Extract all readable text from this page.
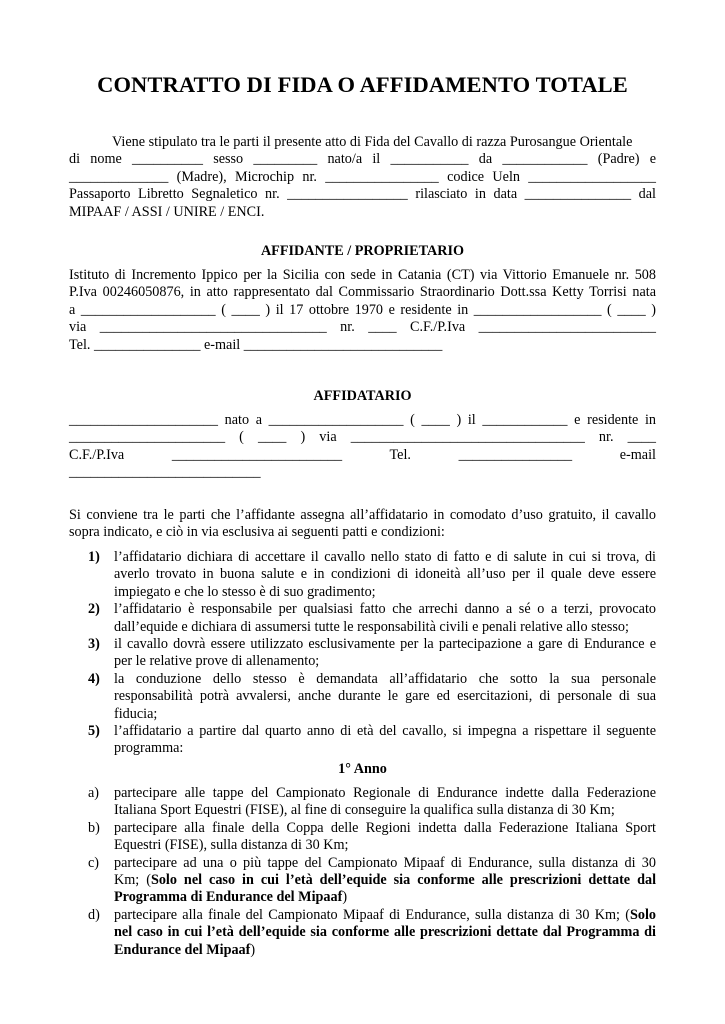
CONTRATTO DI FIDA O AFFIDAMENTO TOTALE
Viene stipulato tra le parti il presente atto di Fida del Cavallo di razza Purosangue Orientale
di nome __________ sesso _________ nato/a il ___________ da ____________ (Padre) e
______________ (Madre), Microchip nr. ________________ codice Ueln __________________
Passaporto Libretto Segnaletico nr. _________________ rilasciato in data _______________ dal
MIPAAF / ASSI / UNIRE / ENCI.
AFFIDANTE / PROPRIETARIO
Istituto di Incremento Ippico per la Sicilia con sede in Catania (CT) via Vittorio Emanuele nr. 508
P.Iva 00246050876, in atto rappresentato dal Commissario Straordinario Dott.ssa Ketty Torrisi nata
a ___________________ ( ____ ) il 17 ottobre 1970 e residente in __________________ ( ____ )
via ________________________________ nr. ____ C.F./P.Iva _________________________
Tel. _______________ e-mail ____________________________
AFFIDATARIO
_____________________ nato a ___________________ ( ____ ) il ____________ e residente in
______________________ ( ____ ) via _________________________________ nr. ____
C.F./P.Iva ________________________ Tel. ________________ e-mail
___________________________
Si conviene tra le parti che l’affidante assegna all’affidatario in comodato d’uso gratuito, il cavallo
sopra indicato, e ciò in via esclusiva ai seguenti patti e condizioni:
1) l’affidatario dichiara di accettare il cavallo nello stato di fatto e di salute in cui si trova, di
averlo trovato in buona salute e in condizioni di idoneità all’uso per il quale deve essere
impiegato e che lo stesso è di suo gradimento;
2) l’affidatario è responsabile per qualsiasi fatto che arrechi danno a sé o a terzi, provocato
dall’equide e dichiara di assumersi tutte le responsabilità civili e penali relative allo stesso;
3) il cavallo dovrà essere utilizzato esclusivamente per la partecipazione a gare di Endurance e
per le relative prove di allenamento;
4) la conduzione dello stesso è demandata all’affidatario che sotto la sua personale
responsabilità potrà avvalersi, anche durante le gare ed esercitazioni, di personale di sua
fiducia;
5) l’affidatario a partire dal quarto anno di età del cavallo, si impegna a rispettare il seguente
programma:
1° Anno
a) partecipare alle tappe del Campionato Regionale di Endurance indette dalla Federazione
Italiana Sport Equestri (FISE), al fine di conseguire la qualifica sulla distanza di 30 Km;
b) partecipare alla finale della Coppa delle Regioni indetta dalla Federazione Italiana Sport
Equestri (FISE), sulla distanza di 30 Km;
c) partecipare ad una o più tappe del Campionato Mipaaf di Endurance, sulla distanza di 30
Km; (Solo nel caso in cui l’età dell’equide sia conforme alle prescrizioni dettate dal
Programma di Endurance del Mipaaf)
d) partecipare alla finale del Campionato Mipaaf di Endurance, sulla distanza di 30 Km; (Solo
nel caso in cui l’età dell’equide sia conforme alle prescrizioni dettate dal Programma di
Endurance del Mipaaf)
